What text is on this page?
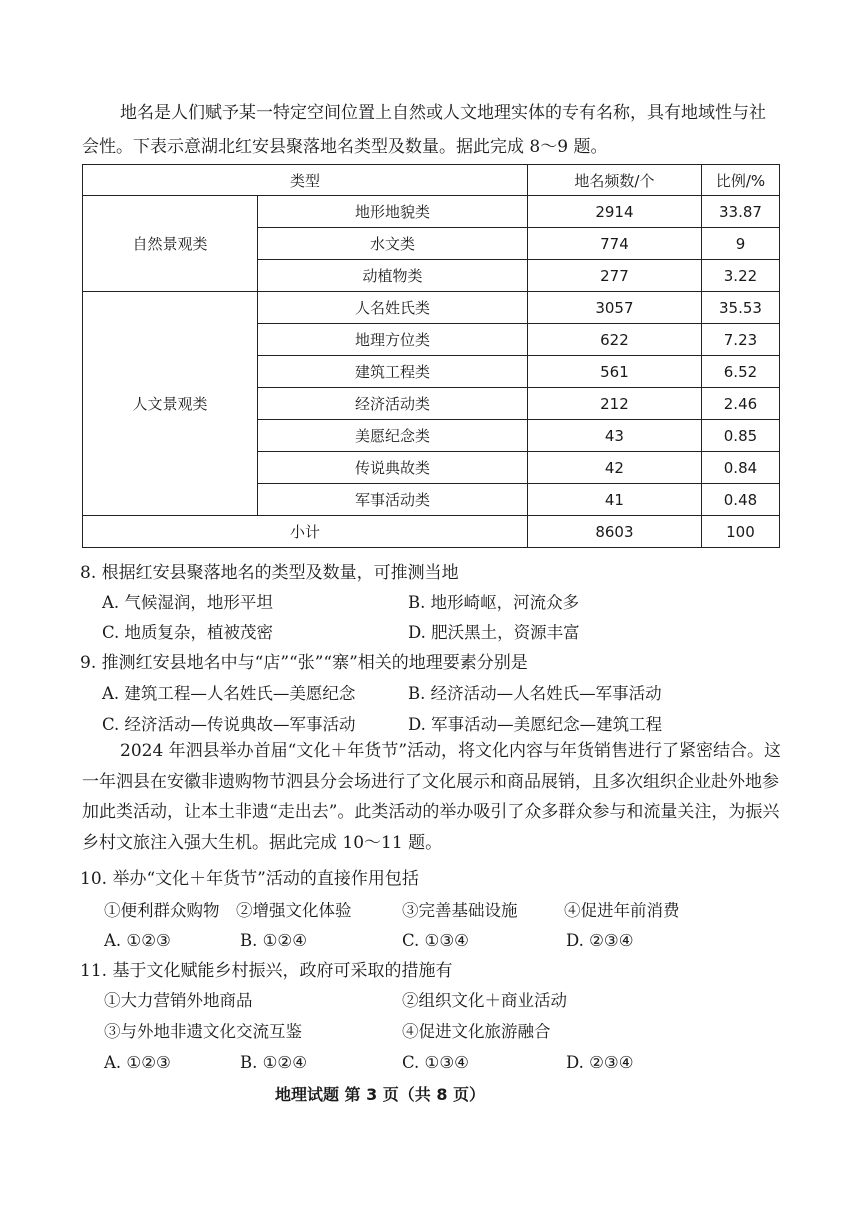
地名是人们赋予某一特定空间位置上自然或人文地理实体的专有名称，具有地域性与社会性。下表示意湖北红安县聚落地名类型及数量。据此完成 8～9 题。

类型		地名频数/个	比例/%
自然景观类	地形地貌类	2914	33.87
	水文类	774	9
	动植物类	277	3.22
人文景观类	人名姓氏类	3057	35.53
	地理方位类	622	7.23
	建筑工程类	561	6.52
	经济活动类	212	2.46
	美愿纪念类	43	0.85
	传说典故类	42	0.84
	军事活动类	41	0.48
小计		8603	100
8. 根据红安县聚落地名的类型及数量，可推测当地
A. 气候湿润，地形平坦	B. 地形崎岖，河流众多
C. 地质复杂，植被茂密	D. 肥沃黑土，资源丰富
9. 推测红安县地名中与“店”“张”“寨”相关的地理要素分别是
A. 建筑工程—人名姓氏—美愿纪念	B. 经济活动—人名姓氏—军事活动
C. 经济活动—传说典故—军事活动	D. 军事活动—美愿纪念—建筑工程

2024 年泗县举办首届“文化＋年货节”活动，将文化内容与年货销售进行了紧密结合。这一年泗县在安徽非遗购物节泗县分会场进行了文化展示和商品展销，且多次组织企业赴外地参加此类活动，让本土非遗“走出去”。此类活动的举办吸引了众多群众参与和流量关注，为振兴乡村文旅注入强大生机。据此完成 10～11 题。

10. 举办“文化＋年货节”活动的直接作用包括
①便利群众购物 ②增强文化体验	③完善基础设施	④促进年前消费
A. ①②③	B. ①②④	C. ①③④	D. ②③④
11. 基于文化赋能乡村振兴，政府可采取的措施有
①大力营销外地商品	②组织文化＋商业活动
③与外地非遗文化交流互鉴	④促进文化旅游融合
A. ①②③	B. ①②④	C. ①③④	D. ②③④
地理试题 第 3 页（共 8 页）
